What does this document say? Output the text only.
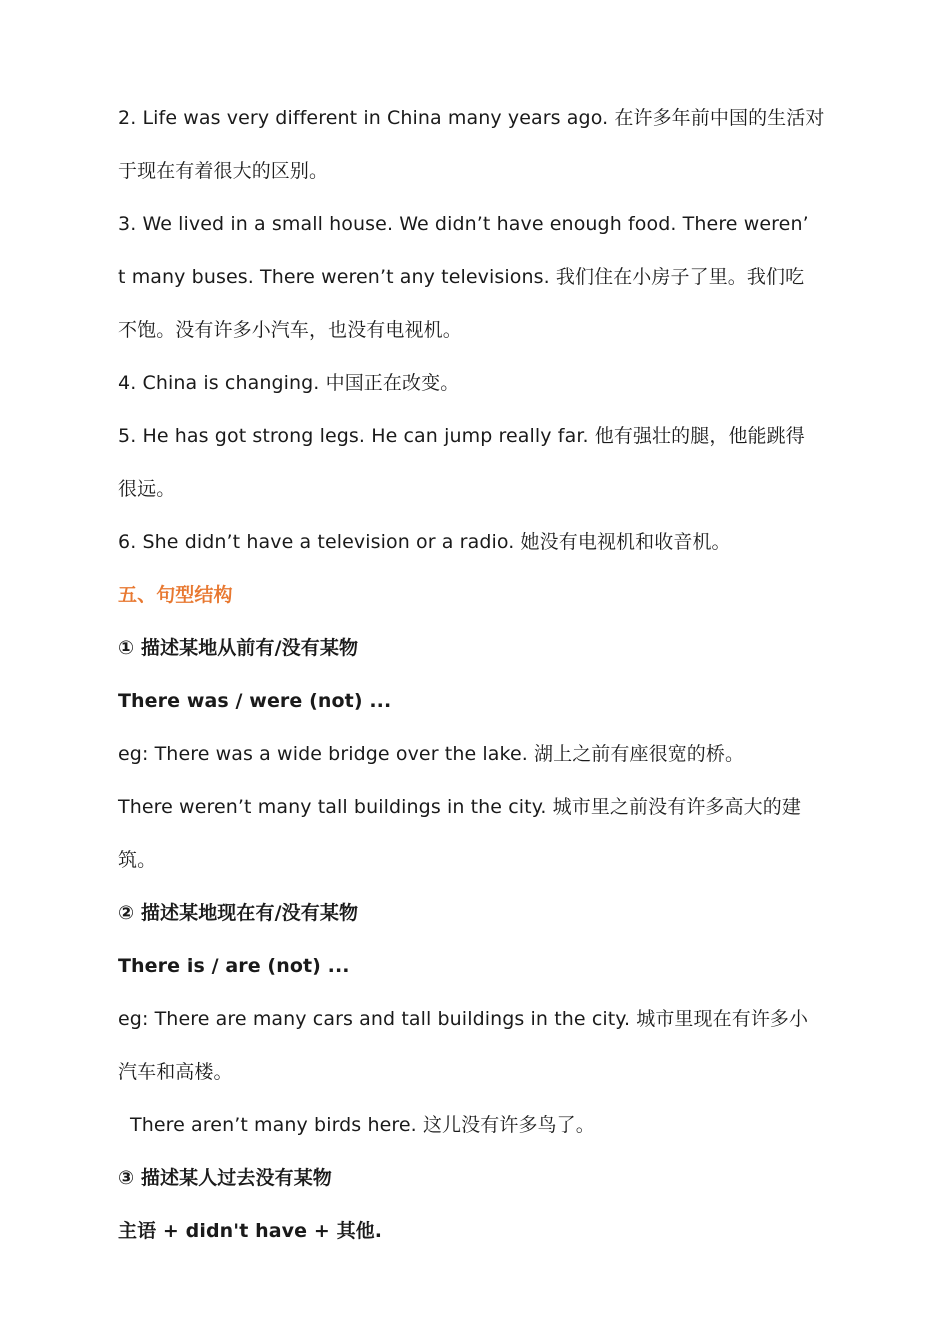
2. Life was very different in China many years ago. 在许多年前中国的生活对
于现在有着很大的区别。
3. We lived in a small house. We didn’t have enough food. There weren’
t many buses. There weren’t any televisions. 我们住在小房子了里。我们吃
不饱。没有许多小汽车，也没有电视机。
4. China is changing. 中国正在改变。
5. He has got strong legs. He can jump really far. 他有强壮的腿，他能跳得
很远。
6. She didn’t have a television or a radio. 她没有电视机和收音机。
五、句型结构
① 描述某地从前有/没有某物
There was / were (not) ...
eg: There was a wide bridge over the lake. 湖上之前有座很宽的桥。
There weren’t many tall buildings in the city. 城市里之前没有许多高大的建
筑。
② 描述某地现在有/没有某物
There is / are (not) ...
eg: There are many cars and tall buildings in the city. 城市里现在有许多小
汽车和高楼。
There aren’t many birds here. 这儿没有许多鸟了。
③ 描述某人过去没有某物
主语 + didn't have + 其他.
